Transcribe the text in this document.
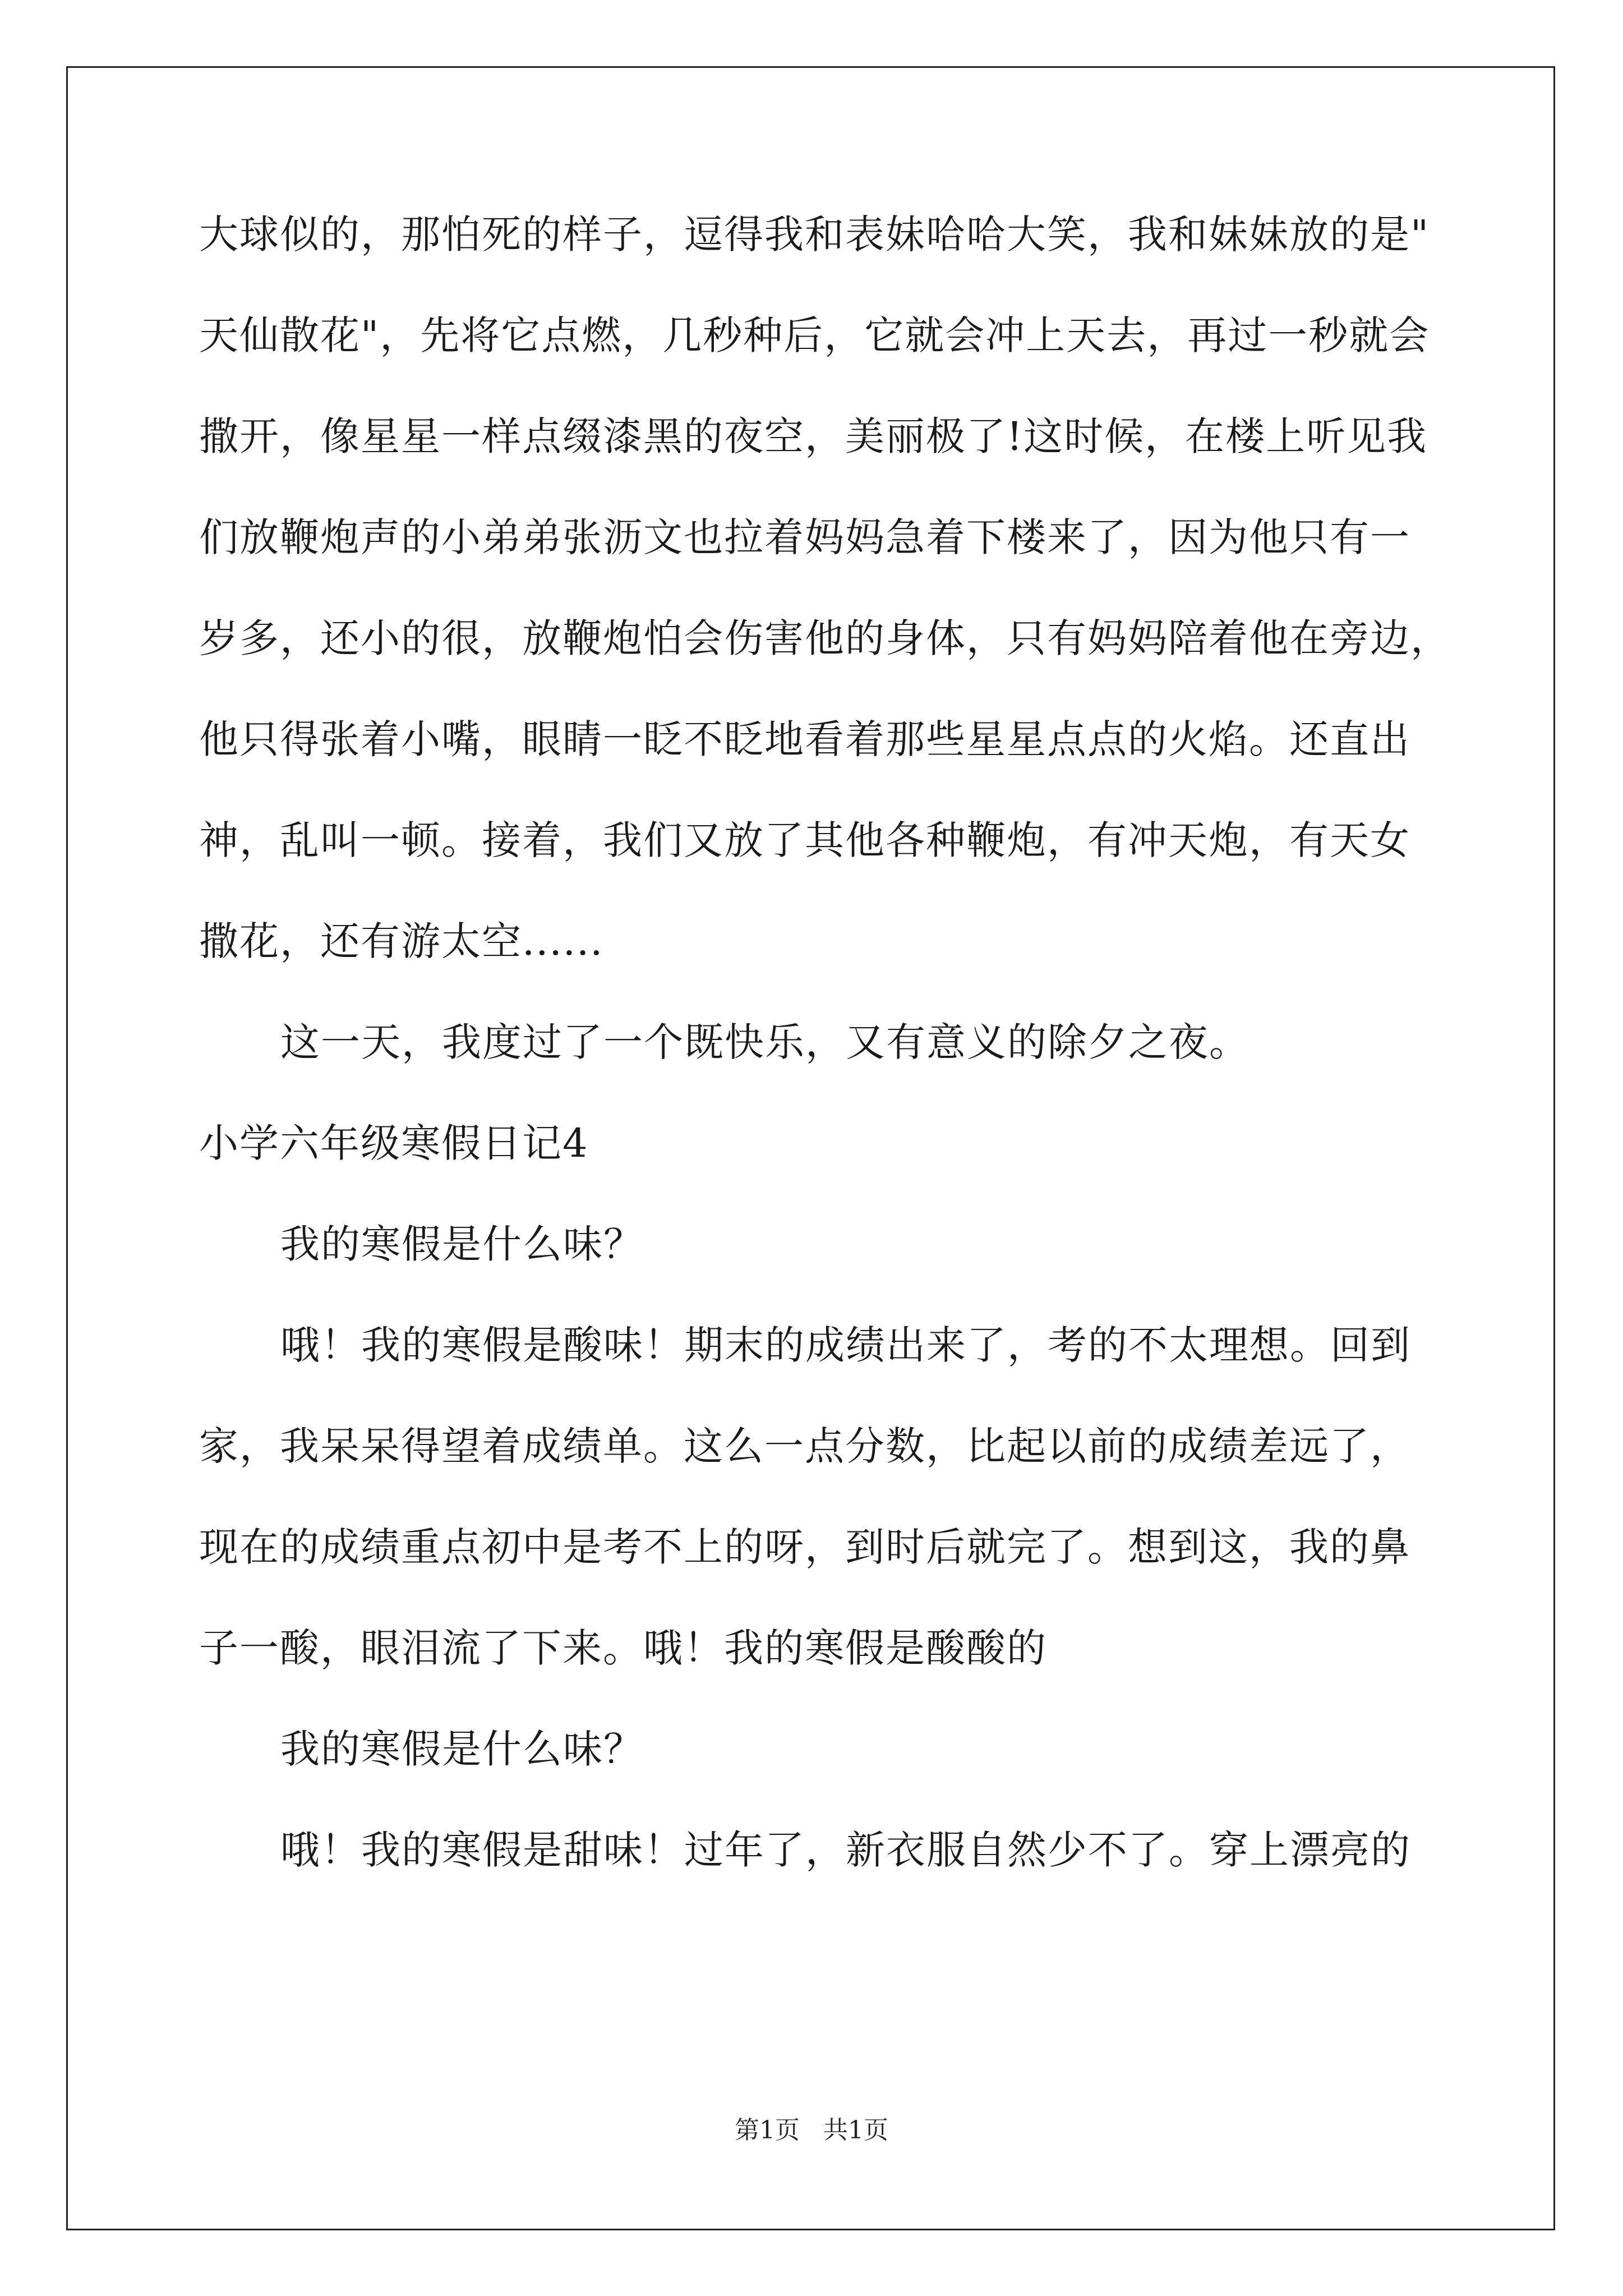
大球似的，那怕死的样子，逗得我和表妹哈哈大笑，我和妹妹放的是"
天仙散花"，先将它点燃，几秒种后，它就会冲上天去，再过一秒就会
撒开，像星星一样点缀漆黑的夜空，美丽极了!这时候，在楼上听见我
们放鞭炮声的小弟弟张沥文也拉着妈妈急着下楼来了，因为他只有一
岁多，还小的很，放鞭炮怕会伤害他的身体，只有妈妈陪着他在旁边，
他只得张着小嘴，眼睛一眨不眨地看着那些星星点点的火焰。还直出
神，乱叫一顿。接着，我们又放了其他各种鞭炮，有冲天炮，有天女
撒花，还有游太空......
这一天，我度过了一个既快乐，又有意义的除夕之夜。
小学六年级寒假日记4
我的寒假是什么味？
哦！我的寒假是酸味！期末的成绩出来了，考的不太理想。回到
家，我呆呆得望着成绩单。这么一点分数，比起以前的成绩差远了，
现在的成绩重点初中是考不上的呀，到时后就完了。想到这，我的鼻
子一酸，眼泪流了下来。哦！我的寒假是酸酸的
我的寒假是什么味？
哦！我的寒假是甜味！过年了，新衣服自然少不了。穿上漂亮的
第1页   共1页
